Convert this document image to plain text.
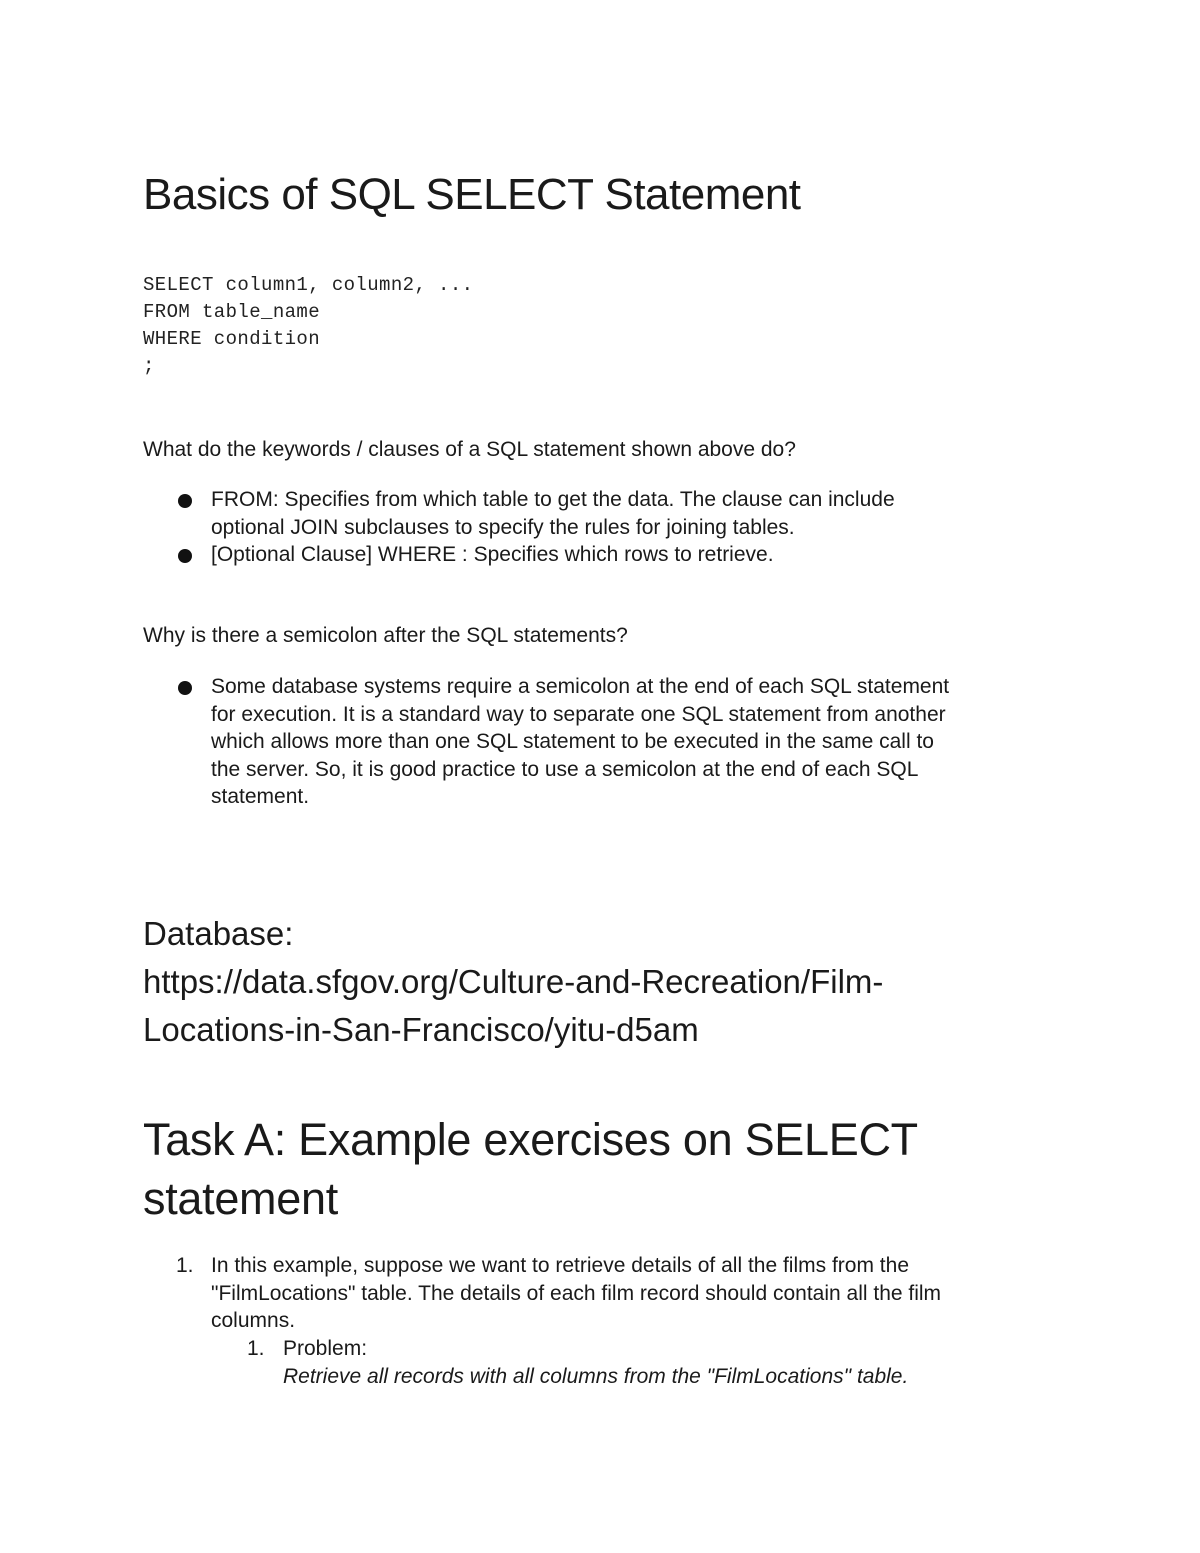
Basics of SQL SELECT Statement
SELECT column1, column2, ...
FROM table_name
WHERE condition
;
What do the keywords / clauses of a SQL statement shown above do?
FROM: Specifies from which table to get the data. The clause can include
optional JOIN subclauses to specify the rules for joining tables.
[Optional Clause] WHERE : Specifies which rows to retrieve.
Why is there a semicolon after the SQL statements?
Some database systems require a semicolon at the end of each SQL statement
for execution. It is a standard way to separate one SQL statement from another
which allows more than one SQL statement to be executed in the same call to
the server. So, it is good practice to use a semicolon at the end of each SQL
statement.
Database:
https://data.sfgov.org/Culture-and-Recreation/Film-
Locations-in-San-Francisco/yitu-d5am
Task A: Example exercises on SELECT
statement
1. In this example, suppose we want to retrieve details of all the films from the
"FilmLocations" table. The details of each film record should contain all the film
columns.
1. Problem:
Retrieve all records with all columns from the "FilmLocations" table.
